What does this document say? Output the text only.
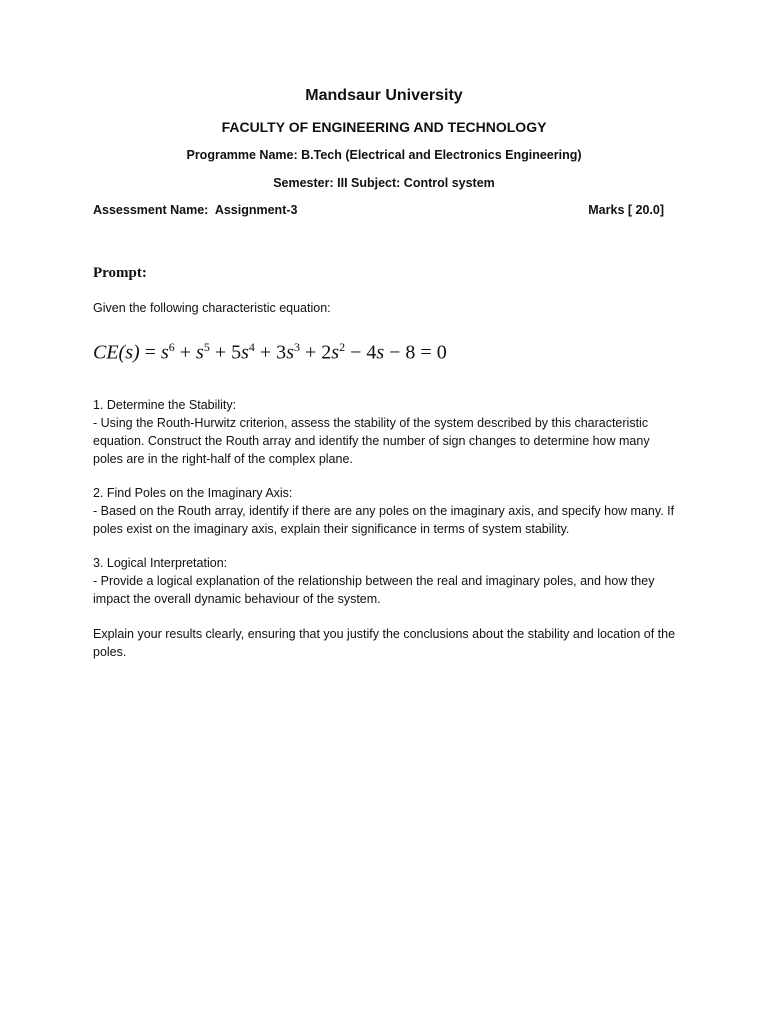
Mandsaur University
FACULTY OF ENGINEERING AND TECHNOLOGY
Programme Name: B.Tech (Electrical and Electronics Engineering)
Semester: III Subject: Control system
Assessment Name:  Assignment-3	Marks [ 20.0]
Prompt:
Given the following characteristic equation:
$CE(s) = s^6 + s^5 + 5s^4 + 3s^3 + 2s^2 - 4s - 8 = 0$
1. Determine the Stability:
- Using the Routh-Hurwitz criterion, assess the stability of the system described by this characteristic equation. Construct the Routh array and identify the number of sign changes to determine how many poles are in the right-half of the complex plane.
2. Find Poles on the Imaginary Axis:
- Based on the Routh array, identify if there are any poles on the imaginary axis, and specify how many. If poles exist on the imaginary axis, explain their significance in terms of system stability.
3. Logical Interpretation:
- Provide a logical explanation of the relationship between the real and imaginary poles, and how they impact the overall dynamic behaviour of the system.
Explain your results clearly, ensuring that you justify the conclusions about the stability and location of the poles.
